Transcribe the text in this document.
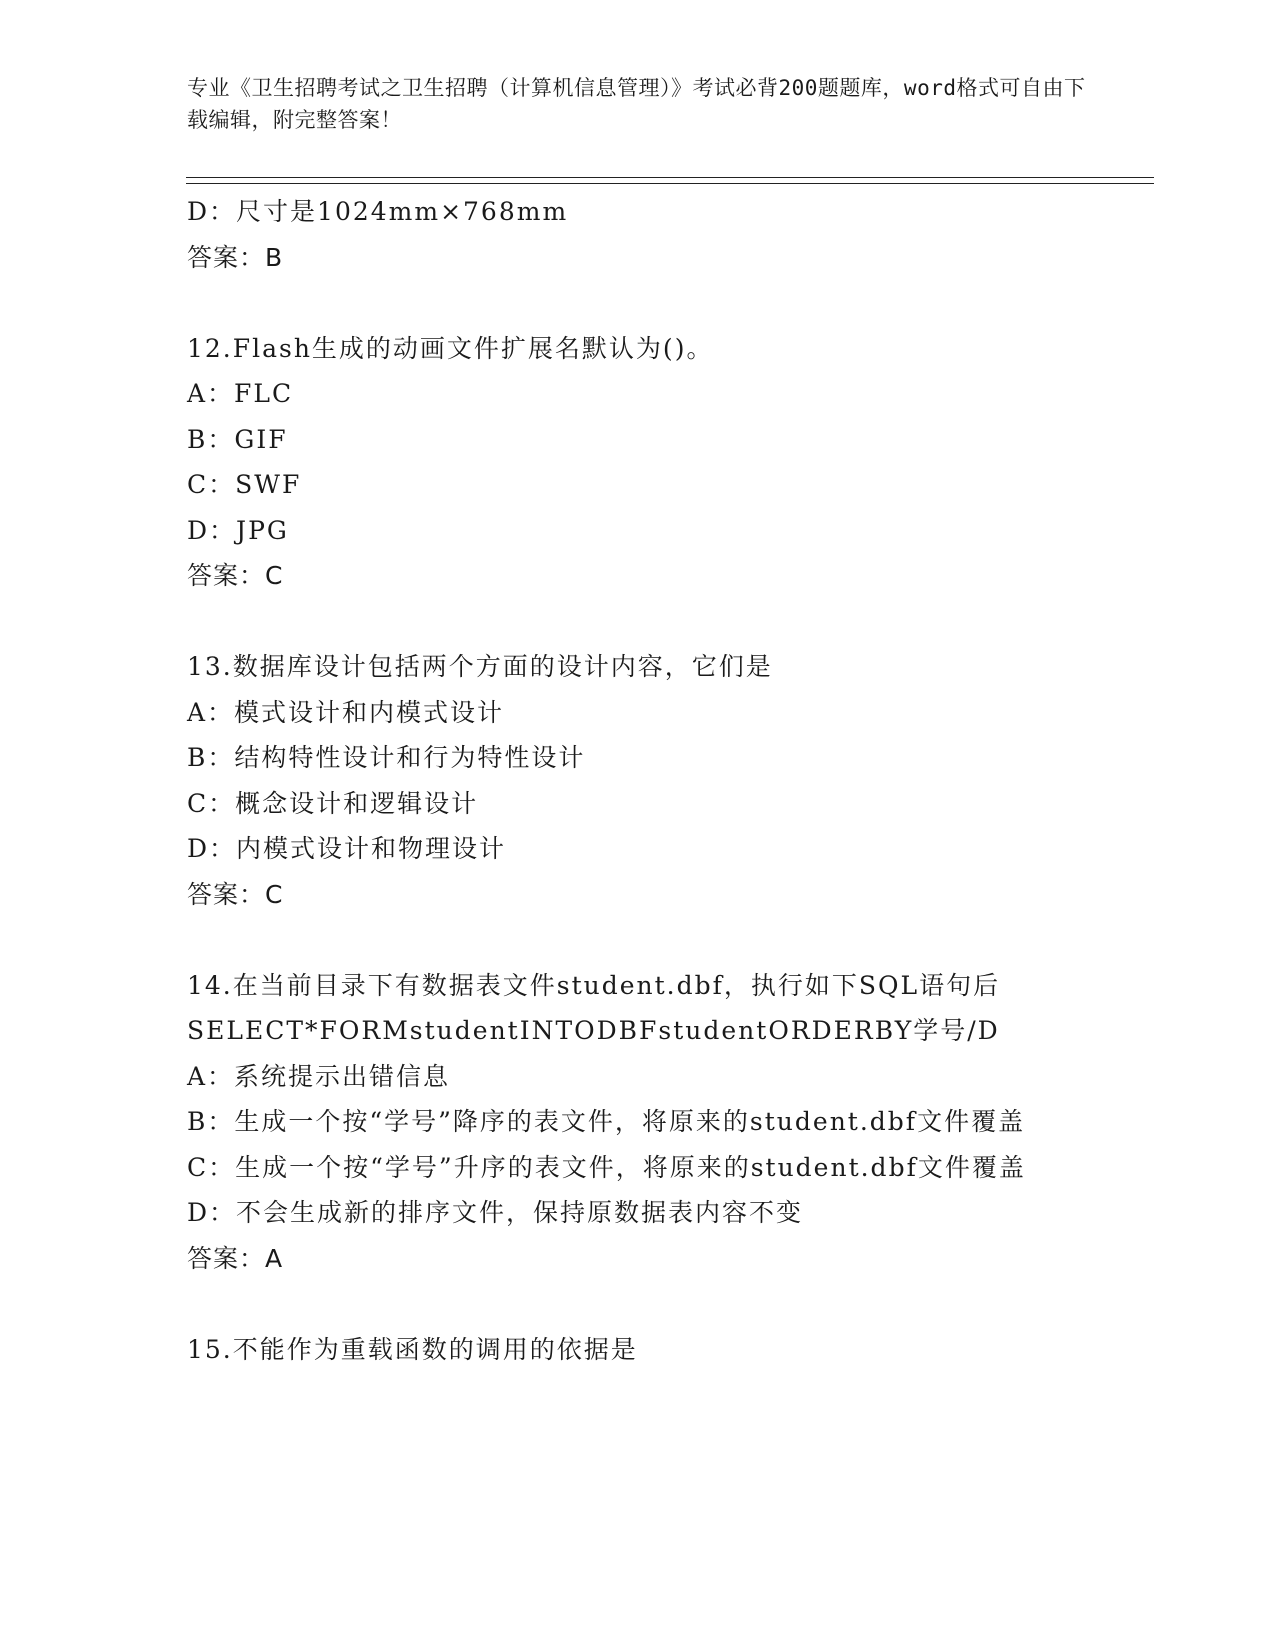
专业《卫生招聘考试之卫生招聘（计算机信息管理）》考试必背200题题库，word格式可自由下载编辑，附完整答案！
D：尺寸是1024mm×768mm
答案：B
12.Flash生成的动画文件扩展名默认为()。
A：FLC
B：GIF
C：SWF
D：JPG
答案：C
13.数据库设计包括两个方面的设计内容，它们是
A：模式设计和内模式设计
B：结构特性设计和行为特性设计
C：概念设计和逻辑设计
D：内模式设计和物理设计
答案：C
14.在当前目录下有数据表文件student.dbf，执行如下SQL语句后SELECT*FORMstudentINTODBFstudentORDERBY学号/D
A：系统提示出错信息
B：生成一个按“学号”降序的表文件，将原来的student.dbf文件覆盖
C：生成一个按“学号”升序的表文件，将原来的student.dbf文件覆盖
D：不会生成新的排序文件，保持原数据表内容不变
答案：A
15.不能作为重载函数的调用的依据是
